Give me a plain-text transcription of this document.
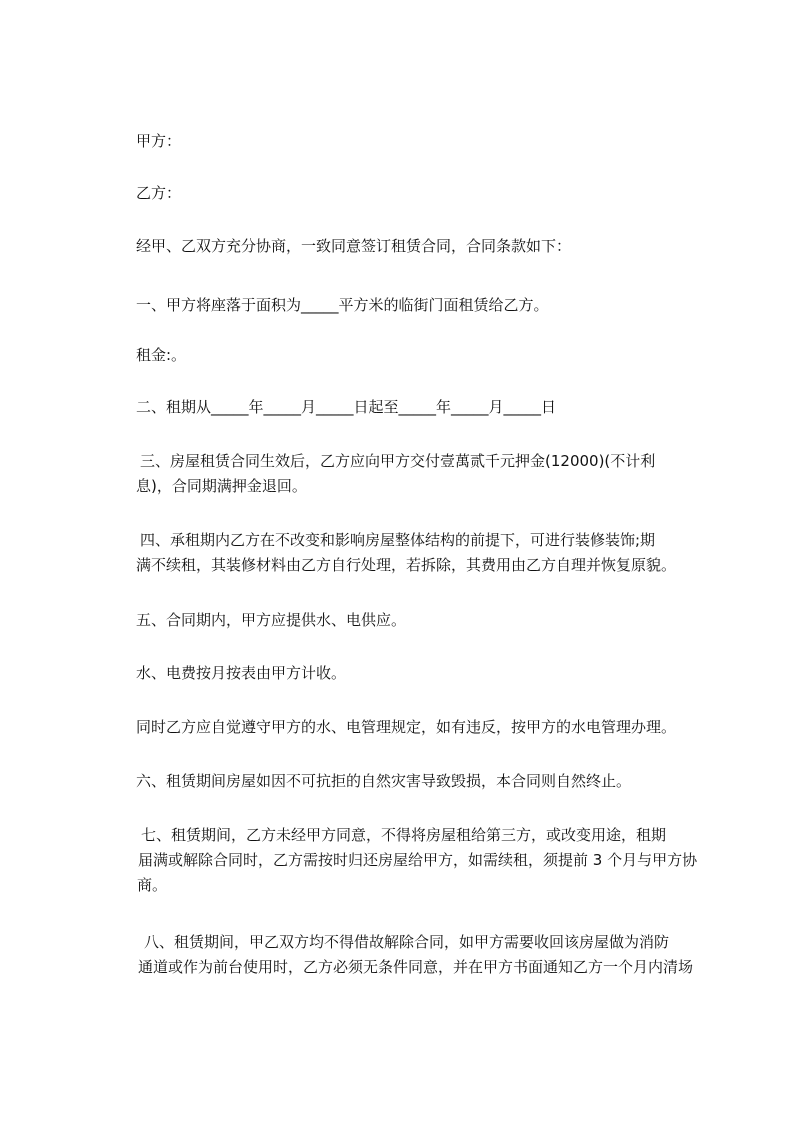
甲方：
乙方：
经甲、乙双方充分协商，一致同意签订租赁合同，合同条款如下：
一、甲方将座落于面积为_____平方米的临街门面租赁给乙方。
租金:。
二、租期从_____年_____月_____日起至_____年_____月_____日
三、房屋租赁合同生效后，乙方应向甲方交付壹萬贰千元押金(12000)(不计利
息)，合同期满押金退回。
四、承租期内乙方在不改变和影响房屋整体结构的前提下，可进行装修装饰;期
满不续租，其装修材料由乙方自行处理，若拆除，其费用由乙方自理并恢复原貌。
五、合同期内，甲方应提供水、电供应。
水、电费按月按表由甲方计收。
同时乙方应自觉遵守甲方的水、电管理规定，如有违反，按甲方的水电管理办理。
六、租赁期间房屋如因不可抗拒的自然灾害导致毁损，本合同则自然终止。
七、租赁期间，乙方未经甲方同意，不得将房屋租给第三方，或改变用途，租期
届满或解除合同时，乙方需按时归还房屋给甲方，如需续租，须提前 3 个月与甲方协
商。
八、租赁期间，甲乙双方均不得借故解除合同，如甲方需要收回该房屋做为消防
通道或作为前台使用时，乙方必须无条件同意，并在甲方书面通知乙方一个月内清场
